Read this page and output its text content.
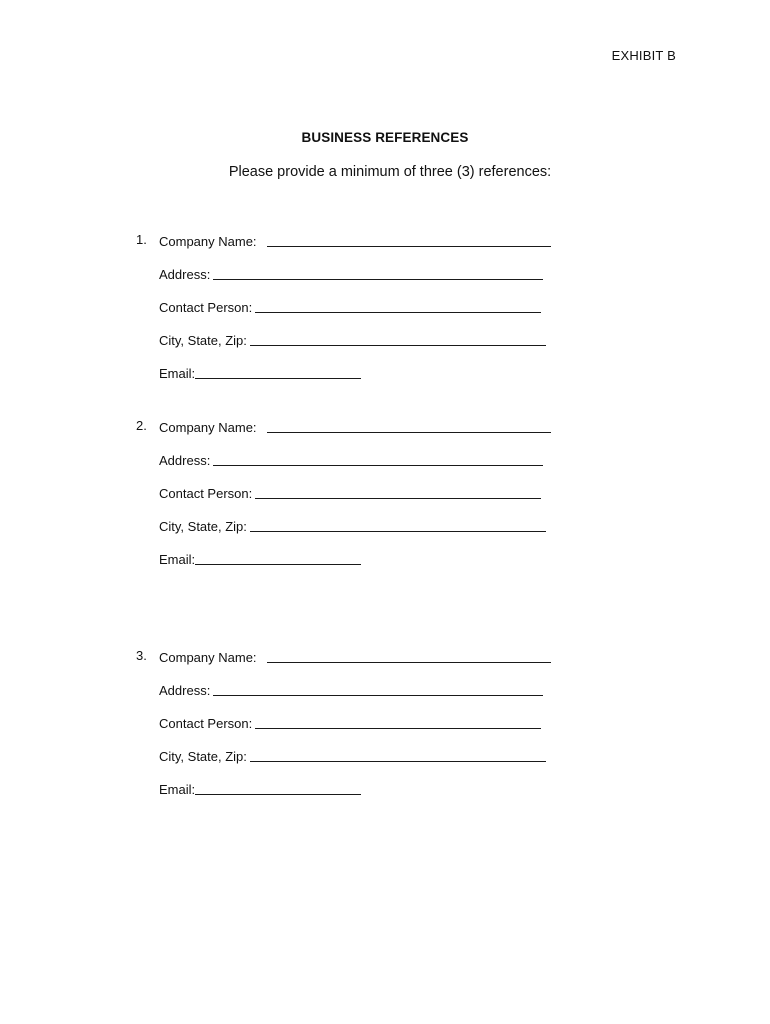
EXHIBIT B
BUSINESS REFERENCES
Please provide a minimum of three (3) references:
1. Company Name:
Address:
Contact Person:
City, State, Zip:
Email:
2. Company Name:
Address:
Contact Person:
City, State, Zip:
Email:
3. Company Name:
Address:
Contact Person:
City, State, Zip:
Email:
